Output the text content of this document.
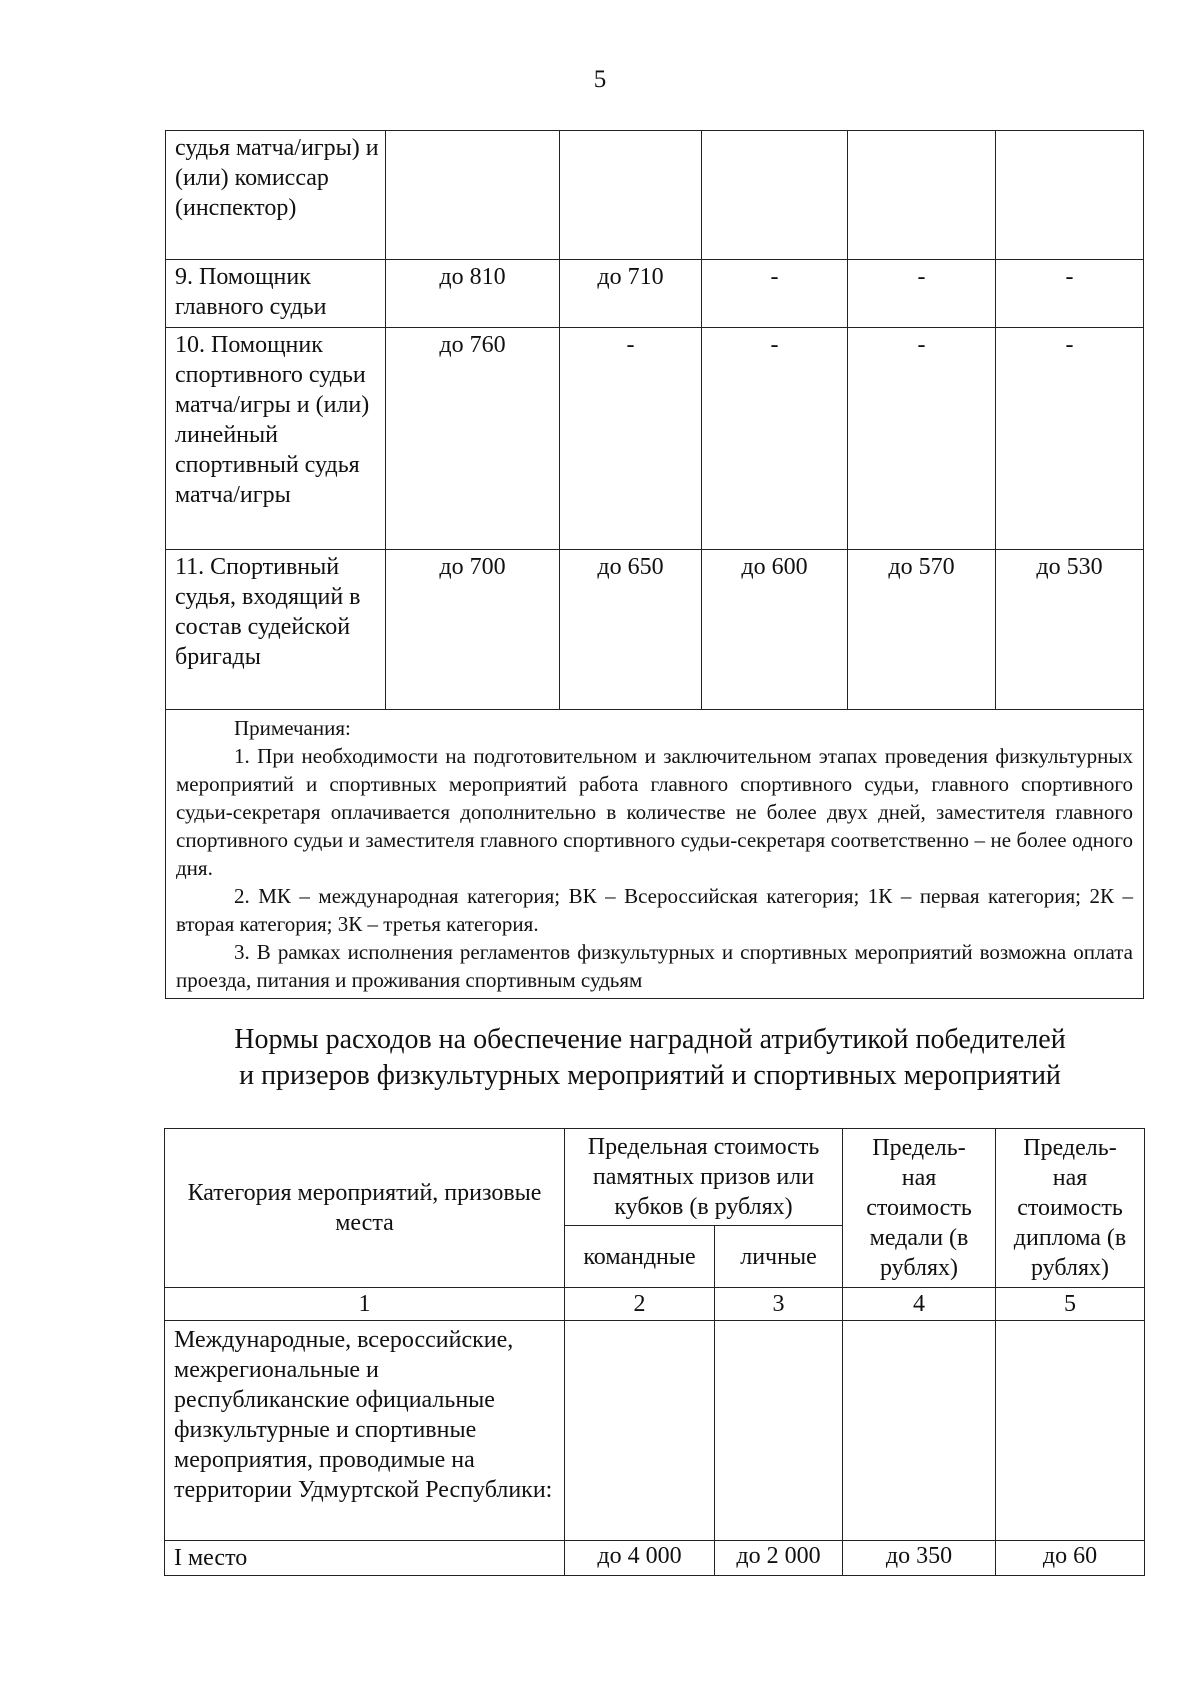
5
судья матча/игры) и (или) комиссар (инспектор)					
9. Помощник главного судьи	до 810	до 710	-	-	-
10. Помощник спортивного судьи матча/игры и (или) линейный спортивный судья матча/игры	до 760	-	-	-	-
11. Спортивный судья, входящий в состав судейской бригады	до 700	до 650	до 600	до 570	до 530

Примечания:

1. При необходимости на подготовительном и заключительном этапах проведения физкультурных мероприятий и спортивных мероприятий работа главного спортивного судьи, главного спортивного судьи-секретаря оплачивается дополнительно в количестве не более двух дней, заместителя главного спортивного судьи и заместителя главного спортивного судьи-секретаря соответственно – не более одного дня.

2. МК – международная категория; ВК – Всероссийская категория; 1К – первая категория; 2К – вторая категория; 3К – третья категория.

3. В рамках исполнения регламентов физкультурных и спортивных мероприятий возможна оплата проезда, питания и проживания спортивным судьям					

Нормы расходов на обеспечение наградной атрибутикой победителей
и призеров физкультурных мероприятий и спортивных мероприятий
Категория мероприятий, призовые места	Предельная стоимость памятных призов или кубков (в рублях)		Предель-ная стоимость медали (в рублях)	Предель-ная стоимость диплома (в рублях)
	командные	личные		
1	2	3	4	5
Международные, всероссийские, межрегиональные и республиканские официальные физкультурные и спортивные мероприятия, проводимые на территории Удмуртской Республики:				
I место	до 4 000	до 2 000	до 350	до 60
